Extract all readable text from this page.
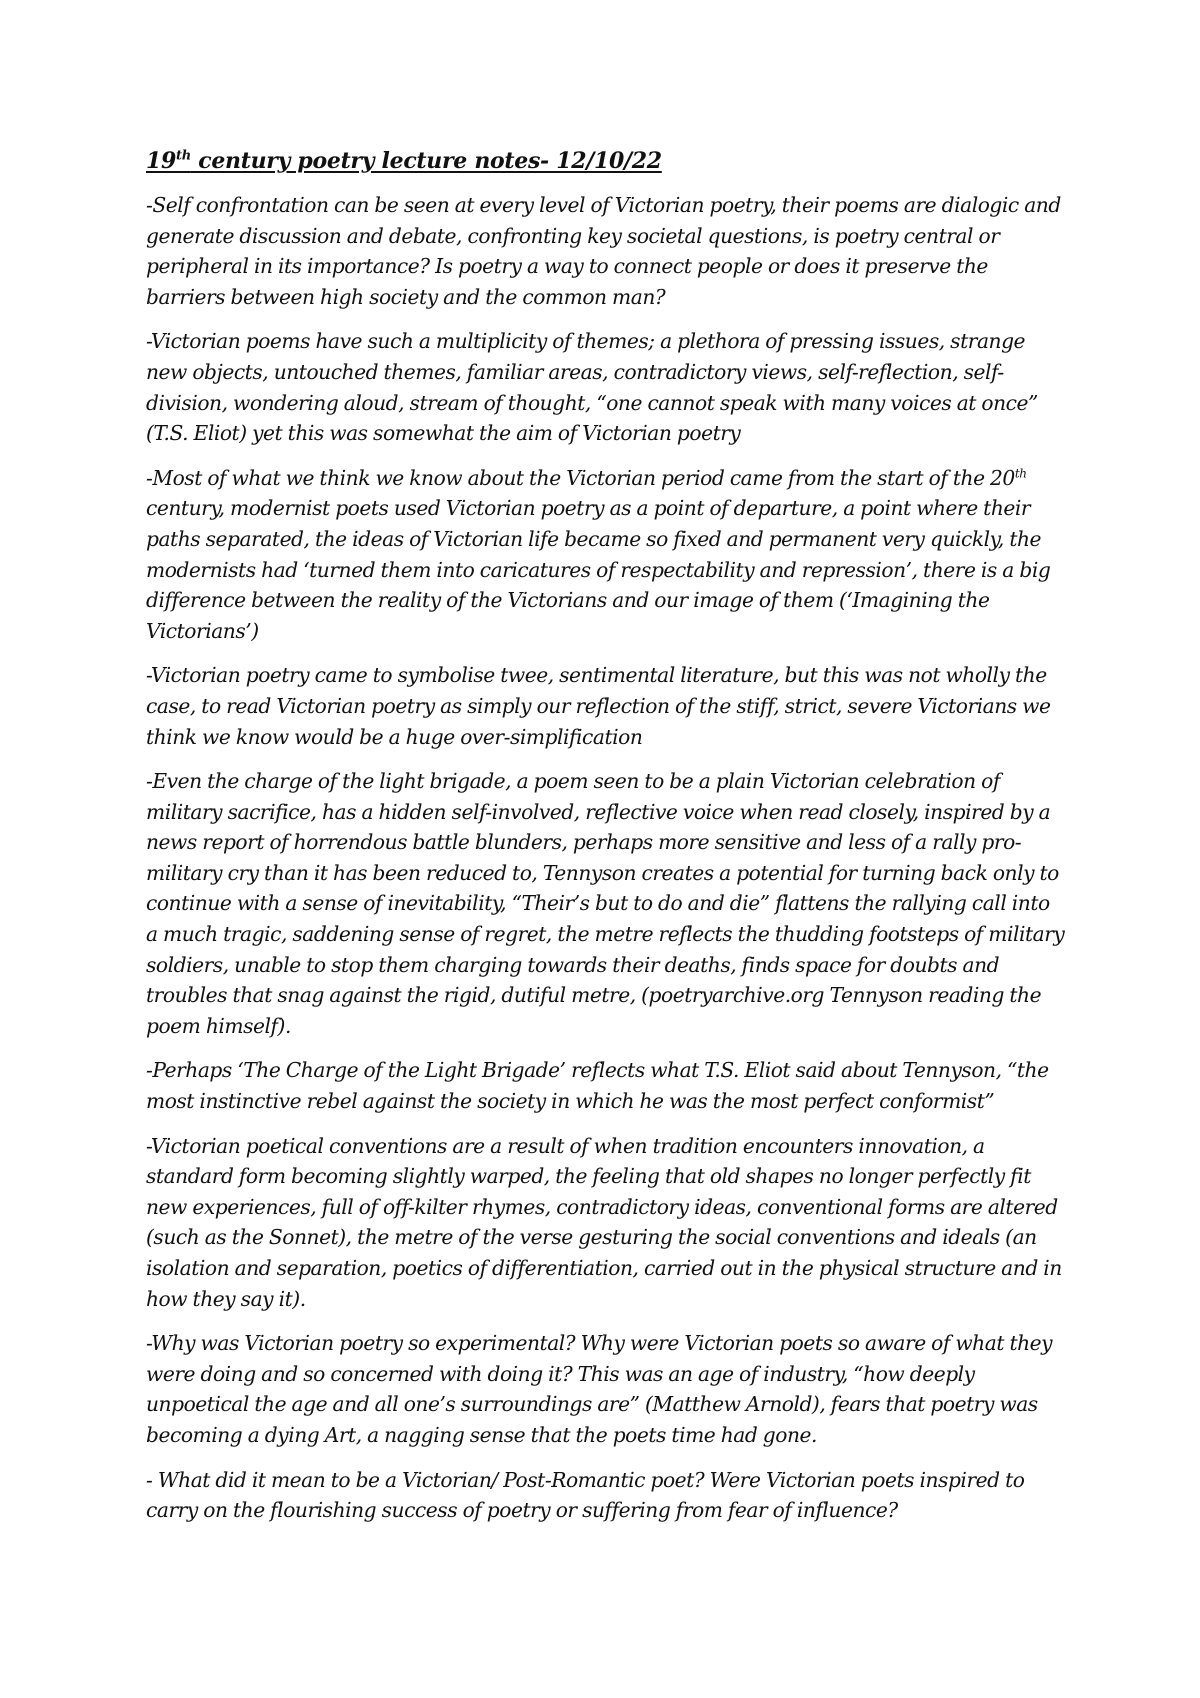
19th century poetry lecture notes- 12/10/22

-Self confrontation can be seen at every level of Victorian poetry, their poems are dialogic and generate discussion and debate, confronting key societal questions, is poetry central or peripheral in its importance? Is poetry a way to connect people or does it preserve the barriers between high society and the common man?

-Victorian poems have such a multiplicity of themes; a plethora of pressing issues, strange new objects, untouched themes, familiar areas, contradictory views, self-reflection, self-division, wondering aloud, stream of thought, “one cannot speak with many voices at once” (T.S. Eliot) yet this was somewhat the aim of Victorian poetry

-Most of what we think we know about the Victorian period came from the start of the 20th century, modernist poets used Victorian poetry as a point of departure, a point where their paths separated, the ideas of Victorian life became so fixed and permanent very quickly, the modernists had ‘turned them into caricatures of respectability and repression’, there is a big difference between the reality of the Victorians and our image of them (‘Imagining the Victorians’)

-Victorian poetry came to symbolise twee, sentimental literature, but this was not wholly the case, to read Victorian poetry as simply our reflection of the stiff, strict, severe Victorians we think we know would be a huge over-simplification

-Even the charge of the light brigade, a poem seen to be a plain Victorian celebration of military sacrifice, has a hidden self-involved, reflective voice when read closely, inspired by a news report of horrendous battle blunders, perhaps more sensitive and less of a rally pro-military cry than it has been reduced to, Tennyson creates a potential for turning back only to continue with a sense of inevitability, “Their’s but to do and die” flattens the rallying call into a much tragic, saddening sense of regret, the metre reflects the thudding footsteps of military soldiers, unable to stop them charging towards their deaths, finds space for doubts and troubles that snag against the rigid, dutiful metre, (poetryarchive.org Tennyson reading the poem himself).

-Perhaps ‘The Charge of the Light Brigade’ reflects what T.S. Eliot said about Tennyson, “the most instinctive rebel against the society in which he was the most perfect conformist”

-Victorian poetical conventions are a result of when tradition encounters innovation, a standard form becoming slightly warped, the feeling that old shapes no longer perfectly fit new experiences, full of off-kilter rhymes, contradictory ideas, conventional forms are altered (such as the Sonnet), the metre of the verse gesturing the social conventions and ideals (an isolation and separation, poetics of differentiation, carried out in the physical structure and in how they say it).

-Why was Victorian poetry so experimental? Why were Victorian poets so aware of what they were doing and so concerned with doing it? This was an age of industry, “how deeply unpoetical the age and all one’s surroundings are” (Matthew Arnold), fears that poetry was becoming a dying Art, a nagging sense that the poets time had gone.

- What did it mean to be a Victorian/ Post-Romantic poet? Were Victorian poets inspired to carry on the flourishing success of poetry or suffering from fear of influence?
